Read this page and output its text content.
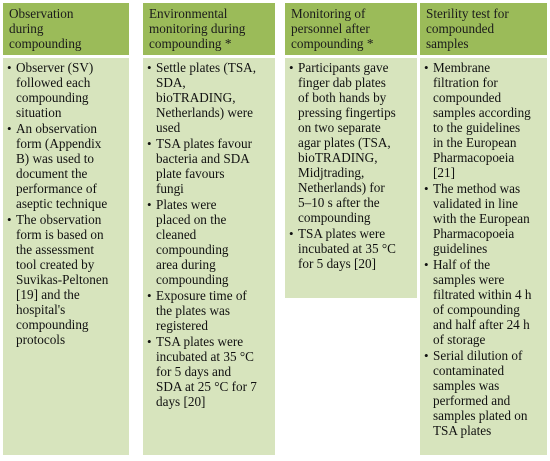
Observation
during
compounding
• Observer (SV)
followed each
compounding
situation
• An observation
form (Appendix
B) was used to
document the
performance of
aseptic technique
• The observation
form is based on
the assessment
tool created by
Suvikas-Peltonen
[19] and the
hospital's
compounding
protocols
Environmental
monitoring during
compounding *
• Settle plates (TSA,
SDA,
bioTRADING,
Netherlands) were
used
• TSA plates favour
bacteria and SDA
plate favours
fungi
• Plates were
placed on the
cleaned
compounding
area during
compounding
• Exposure time of
the plates was
registered
• TSA plates were
incubated at 35 °C
for 5 days and
SDA at 25 °C for 7
days [20]
Monitoring of
personnel after
compounding *
• Participants gave
finger dab plates
of both hands by
pressing fingertips
on two separate
agar plates (TSA,
bioTRADING,
Midjtrading,
Netherlands) for
5–10 s after the
compounding
• TSA plates were
incubated at 35 °C
for 5 days [20]
Sterility test for
compounded
samples
• Membrane
filtration for
compounded
samples according
to the guidelines
in the European
Pharmacopoeia
[21]
• The method was
validated in line
with the European
Pharmacopoeia
guidelines
• Half of the
samples were
filtrated within 4 h
of compounding
and half after 24 h
of storage
• Serial dilution of
contaminated
samples was
performed and
samples plated on
TSA plates
